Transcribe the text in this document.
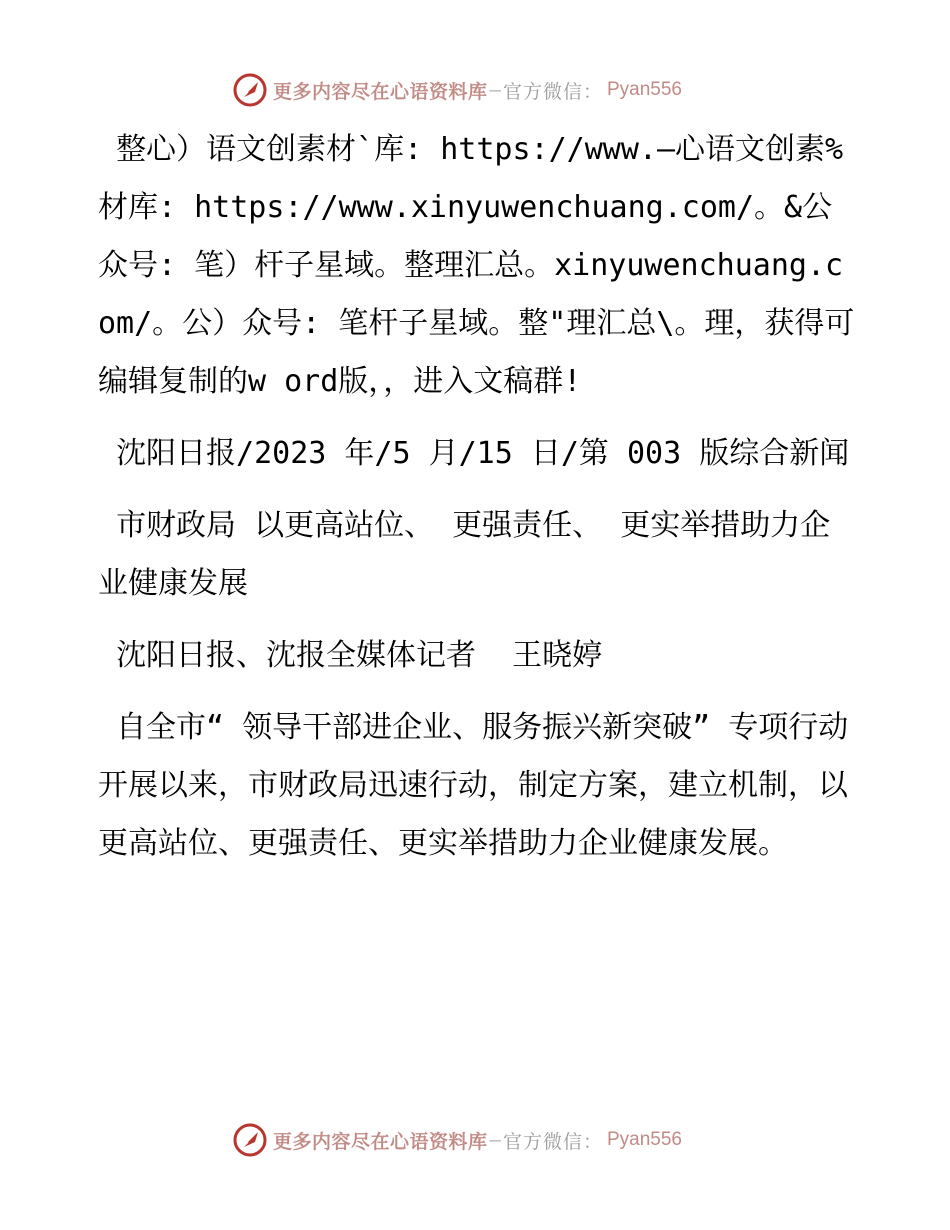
更多内容尽在心语资料库 — 官方微信： Pyan556

整心）语文创素材`库: https://www.—心语文创素%材库: https://www.xinyuwenchuang.com/。&公众号: 笔）杆子星域。整理汇总。xinyuwenchuang.com/。公）众号: 笔杆子星域。整"理汇总\。理，获得可编辑复制的w ord版，，进入文稿群!

沈阳日报/2023 年/5 月/15 日/第 003 版综合新闻

市财政局 以更高站位、 更强责任、 更实举措助力企业健康发展

沈阳日报、沈报全媒体记者  王晓婷

自全市“ 领导干部进企业、服务振兴新突破” 专项行动开展以来，市财政局迅速行动，制定方案，建立机制，以更高站位、更强责任、更实举措助力企业健康发展。

更多内容尽在心语资料库 — 官方微信： Pyan556
